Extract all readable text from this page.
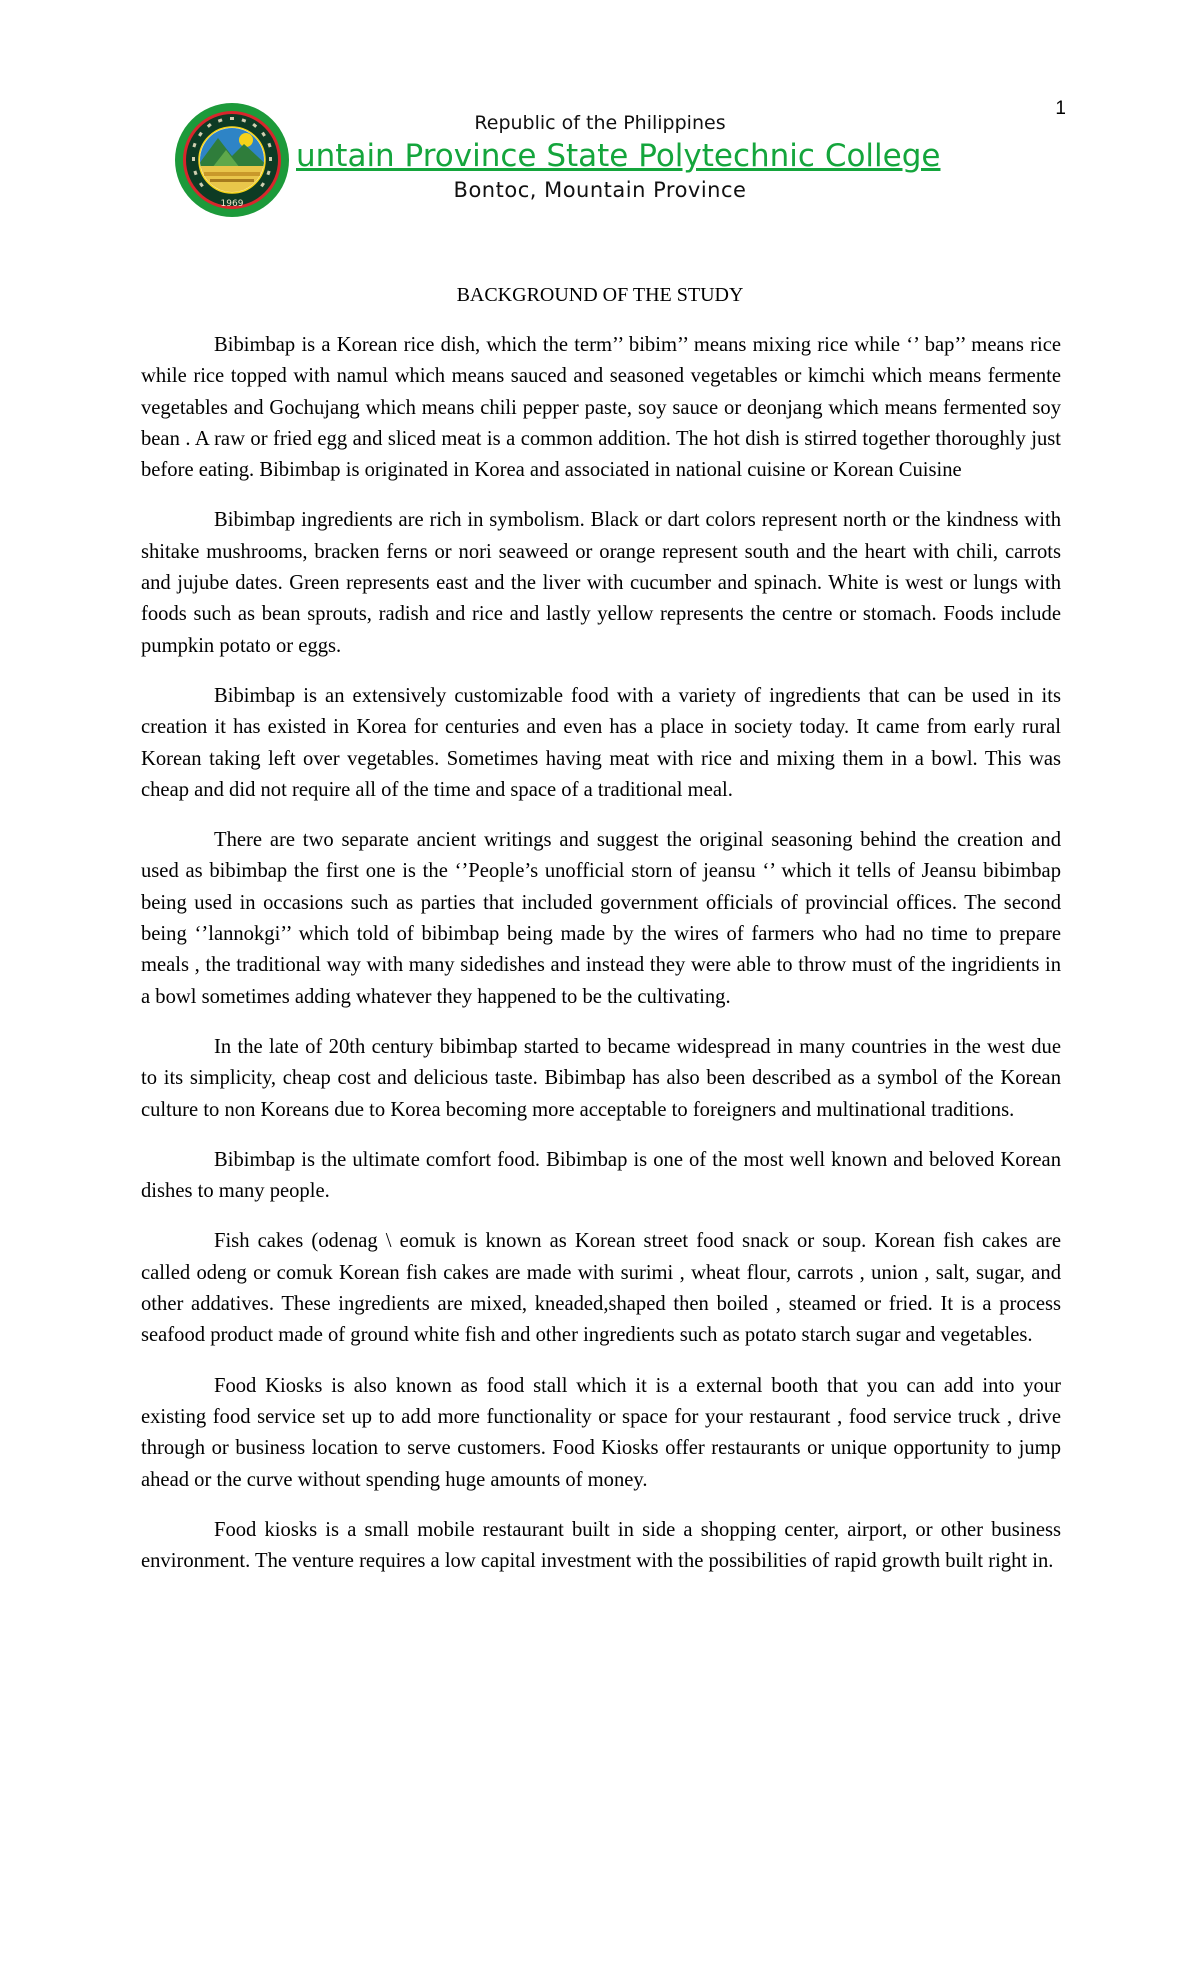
1
1969
Republic of the Philippines
untain Province State Polytechnic College
Bontoc, Mountain Province
BACKGROUND OF THE STUDY

Bibimbap is a Korean rice dish, which the term’’ bibim’’ means mixing rice while ‘’ bap’’ means rice while rice topped with namul which means sauced and seasoned vegetables or kimchi which means fermente vegetables and Gochujang which means chili pepper paste, soy sauce or deonjang which means fermented soy bean . A raw or fried egg and sliced meat is a common addition. The hot dish is stirred together thoroughly just before eating. Bibimbap is originated in Korea and associated in national cuisine or Korean Cuisine

Bibimbap ingredients are rich in symbolism. Black or dart colors represent north or the kindness with shitake mushrooms, bracken ferns or nori seaweed or orange represent south and the heart with chili, carrots and jujube dates. Green represents east and the liver with cucumber and spinach. White is west or lungs with foods such as bean sprouts, radish and rice and lastly yellow represents the centre or stomach. Foods include pumpkin potato or eggs.

Bibimbap is an extensively customizable food with a variety of ingredients that can be used in its creation it has existed in Korea for centuries and even has a place in society today. It came from early rural Korean taking left over vegetables. Sometimes having meat with rice and mixing them in a bowl. This was cheap and did not require all of the time and space of a traditional meal.

There are two separate ancient writings and suggest the original seasoning behind the creation and used as bibimbap the first one is the ‘’People’s unofficial storn of jeansu ‘’ which it tells of Jeansu bibimbap being used in occasions such as parties that included government officials of provincial offices. The second being ‘’lannokgi’’ which told of bibimbap being made by the wires of farmers who had no time to prepare meals , the traditional way with many sidedishes and instead they were able to throw must of the ingridients in a bowl sometimes adding whatever they happened to be the cultivating.

In the late of 20th century bibimbap started to became widespread in many countries in the west due to its simplicity, cheap cost and delicious taste. Bibimbap has also been described as a symbol of the Korean culture to non Koreans due to Korea becoming more acceptable to foreigners and multinational traditions.

Bibimbap is the ultimate comfort food. Bibimbap is one of the most well known and beloved Korean dishes to many people.

Fish cakes (odenag \ eomuk is known as Korean street food snack or soup. Korean fish cakes are called odeng or comuk Korean fish cakes are made with surimi , wheat flour, carrots , union , salt, sugar, and other addatives. These ingredients are mixed, kneaded,shaped then boiled , steamed or fried. It is a process seafood product made of ground white fish and other ingredients such as potato starch sugar and vegetables.

Food Kiosks is also known as food stall which it is a external booth that you can add into your existing food service set up to add more functionality or space for your restaurant , food service truck , drive through or business location to serve customers. Food Kiosks offer restaurants or unique opportunity to jump ahead or the curve without spending huge amounts of money.

Food kiosks is a small mobile restaurant built in side a shopping center, airport, or other business environment. The venture requires a low capital investment with the possibilities of rapid growth built right in.
